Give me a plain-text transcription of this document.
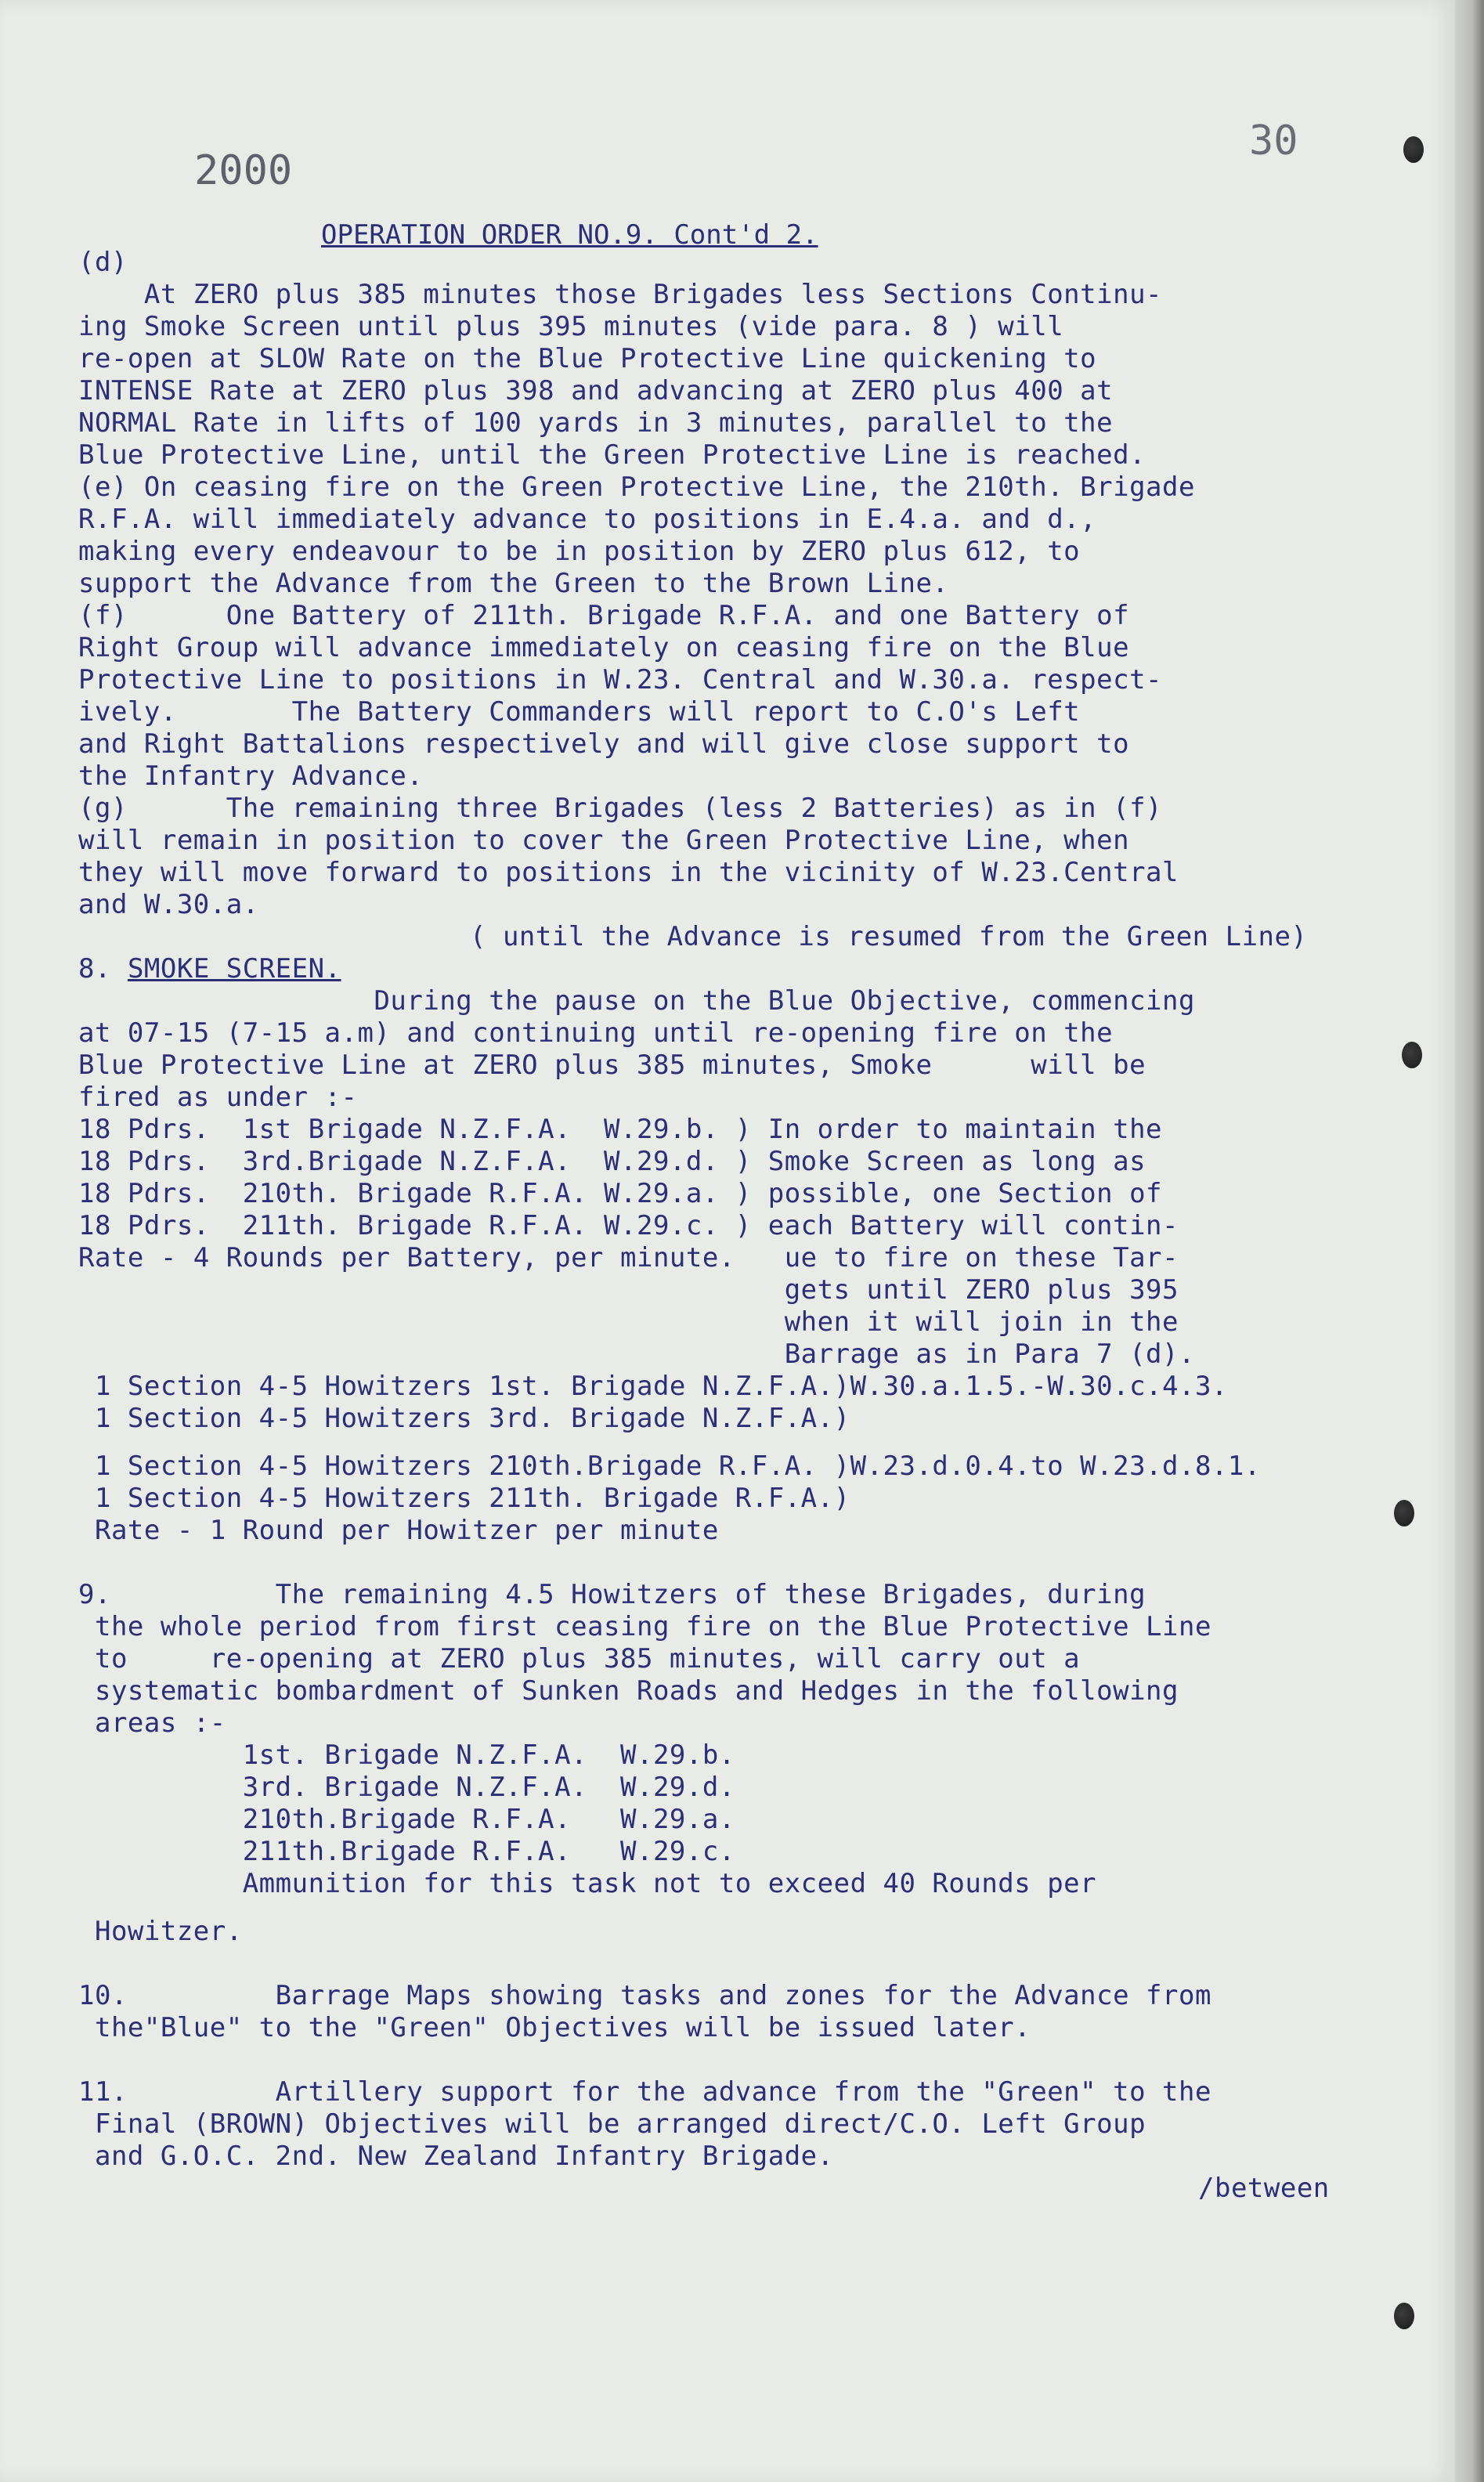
30
2000
OPERATION ORDER NO.9. Cont'd 2.

(d)

At ZERO plus 385 minutes those Brigades less Sections Continu-

ing Smoke Screen until plus 395 minutes (vide para. 8 ) will

re-open at SLOW Rate on the Blue Protective Line quickening to

INTENSE Rate at ZERO plus 398 and advancing at ZERO plus 400 at

NORMAL Rate in lifts of 100 yards in 3 minutes, parallel to the

Blue Protective Line, until the Green Protective Line is reached.

(e) On ceasing fire on the Green Protective Line, the 210th. Brigade

R.F.A. will immediately advance to positions in E.4.a. and d.,

making every endeavour to be in position by ZERO plus 612, to

support the Advance from the Green to the Brown Line.

(f)      One Battery of 211th. Brigade R.F.A. and one Battery of

Right Group will advance immediately on ceasing fire on the Blue

Protective Line to positions in W.23. Central and W.30.a. respect-

ively.       The Battery Commanders will report to C.O's Left

and Right Battalions respectively and will give close support to

the Infantry Advance.

(g)      The remaining three Brigades (less 2 Batteries) as in (f)

will remain in position to cover the Green Protective Line, when

they will move forward to positions in the vicinity of W.23.Central

and W.30.a.

( until the Advance is resumed from the Green Line)

8. SMOKE SCREEN.

During the pause on the Blue Objective, commencing

at 07-15 (7-15 a.m) and continuing until re-opening fire on the

Blue Protective Line at ZERO plus 385 minutes, Smoke      will be

fired as under :-

18 Pdrs.  1st Brigade N.Z.F.A.  W.29.b. ) In order to maintain the

18 Pdrs.  3rd.Brigade N.Z.F.A.  W.29.d. ) Smoke Screen as long as

18 Pdrs.  210th. Brigade R.F.A. W.29.a. ) possible, one Section of

18 Pdrs.  211th. Brigade R.F.A. W.29.c. ) each Battery will contin-

Rate - 4 Rounds per Battery, per minute.   ue to fire on these Tar-

gets until ZERO plus 395

when it will join in the

Barrage as in Para 7 (d).

1 Section 4-5 Howitzers 1st. Brigade N.Z.F.A.)W.30.a.1.5.-W.30.c.4.3.

1 Section 4-5 Howitzers 3rd. Brigade N.Z.F.A.)

1 Section 4-5 Howitzers 210th.Brigade R.F.A. )W.23.d.0.4.to W.23.d.8.1.

1 Section 4-5 Howitzers 211th. Brigade R.F.A.)

Rate - 1 Round per Howitzer per minute

9.          The remaining 4.5 Howitzers of these Brigades, during

the whole period from first ceasing fire on the Blue Protective Line

to     re-opening at ZERO plus 385 minutes, will carry out a

systematic bombardment of Sunken Roads and Hedges in the following

areas :-

1st. Brigade N.Z.F.A.  W.29.b.

3rd. Brigade N.Z.F.A.  W.29.d.

210th.Brigade R.F.A.   W.29.a.

211th.Brigade R.F.A.   W.29.c.

Ammunition for this task not to exceed 40 Rounds per

Howitzer.

10.         Barrage Maps showing tasks and zones for the Advance from

the"Blue" to the "Green" Objectives will be issued later.

11.         Artillery support for the advance from the "Green" to the

Final (BROWN) Objectives will be arranged direct/C.O. Left Group

and G.O.C. 2nd. New Zealand Infantry Brigade.

/between
